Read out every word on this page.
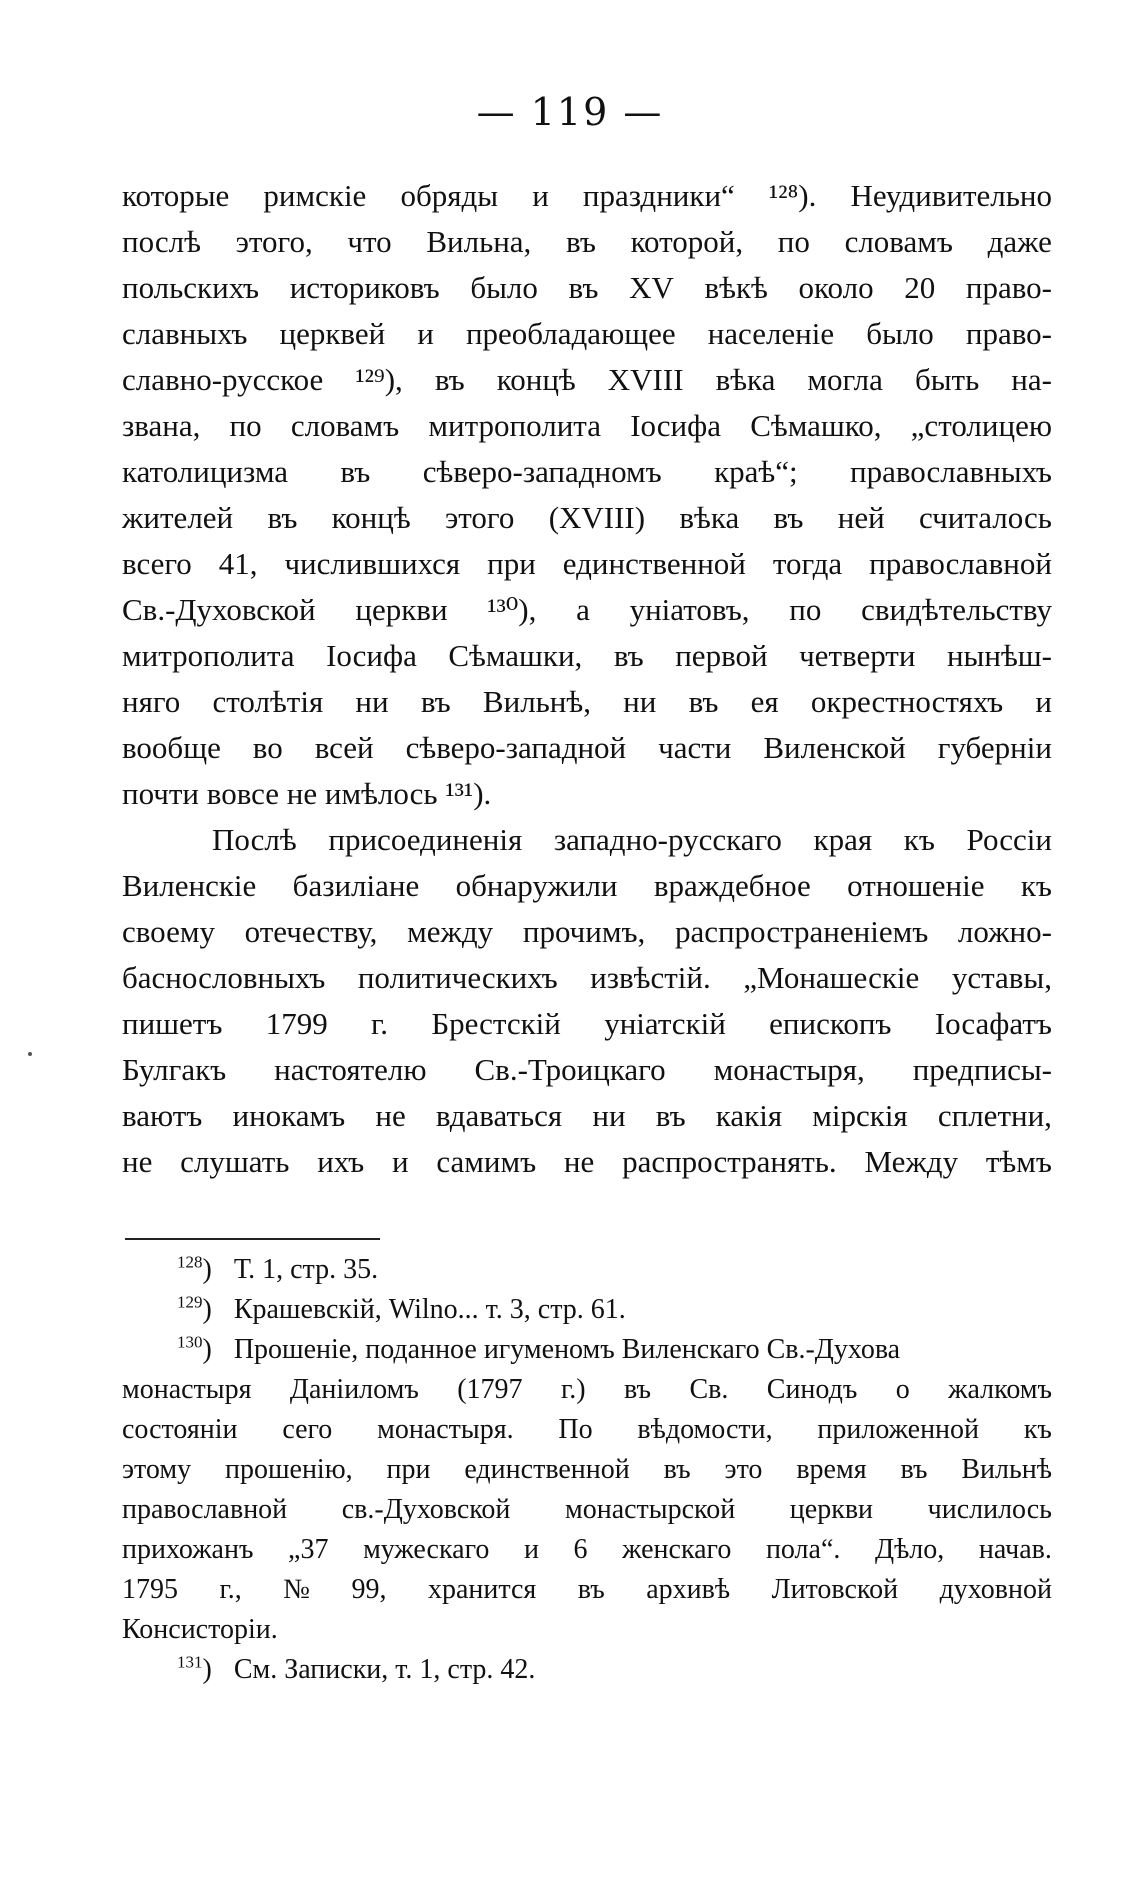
— 119 —
которые римскіе обряды и праздники“ ¹²⁸). Неудивительно
послѣ этого, что Вильна, въ которой, по словамъ даже
польскихъ историковъ было въ XV вѣкѣ около 20 право-
славныхъ церквей и преобладающее населеніе было право-
славно-русское ¹²⁹), въ концѣ XVIII вѣка могла быть на-
звана, по словамъ митрополита Іосифа Сѣмашко, „столицею
католицизма въ сѣверо-западномъ краѣ“; православныхъ
жителей въ концѣ этого (XVIII) вѣка въ ней считалось
всего 41, числившихся при единственной тогда православной
Св.-Духовской церкви ¹³⁰), а уніатовъ, по свидѣтельству
митрополита Іосифа Сѣмашки, въ первой четверти нынѣш-
няго столѣтія ни въ Вильнѣ, ни въ ея окрестностяхъ и
вообще во всей сѣверо-западной части Виленской губерніи
почти вовсе не имѣлось ¹³¹).
Послѣ присоединенія западно-русскаго края къ Россіи
Виленскіе базиліане обнаружили враждебное отношеніе къ
своему отечеству, между прочимъ, распространеніемъ ложно-
баснословныхъ политическихъ извѣстій. „Монашескіе уставы,
пишетъ 1799 г. Брестскій уніатскій епископъ Іосафатъ
Булгакъ настоятелю Св.-Троицкаго монастыря, предписы-
ваютъ инокамъ не вдаваться ни въ какія мірскія сплетни,
не слушать ихъ и самимъ не распространять. Между тѣмъ
$^{128}$) Т. 1, стр. 35.
$^{129}$) Крашевскій, Wilno... т. 3, стр. 61.
$^{130}$) Прошеніе, поданное игуменомъ Виленскаго Св.-Духова
монастыря Даніиломъ (1797 г.) въ Св. Синодъ о жалкомъ
состояніи сего монастыря. По вѣдомости, приложенной къ
этому прошенію, при единственной въ это время въ Вильнѣ
православной св.-Духовской монастырской церкви числилось
прихожанъ „37 мужескаго и 6 женскаго пола“. Дѣло, начав.
1795 г., № 99, хранится въ архивѣ Литовской духовной
Консисторіи.
$^{131}$) См. Записки, т. 1, стр. 42.
